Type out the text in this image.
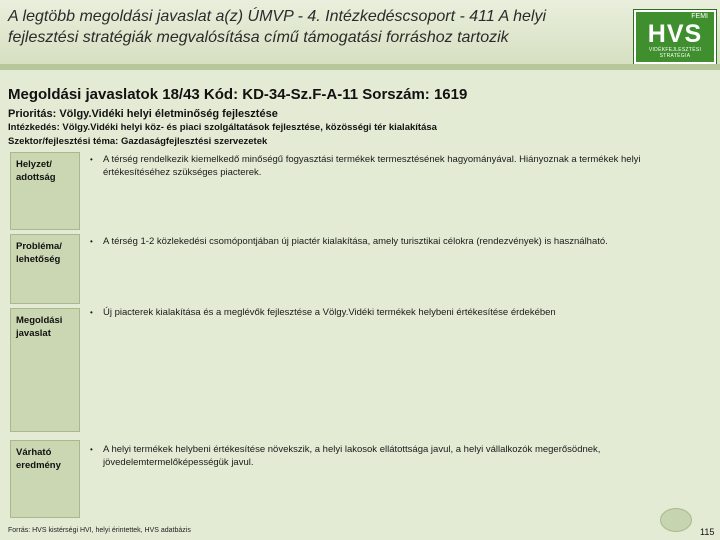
A legtöbb megoldási javaslat a(z) ÚMVP - 4. Intézkedéscsoport - 411 A helyi fejlesztési stratégiák megvalósítása című támogatási forráshoz tartozik
FEMI
HVS
VIDÉKFEJLESZTÉSI STRATÉGIA
Megoldási javaslatok 18/43 Kód: KD-34-Sz.F-A-11 Sorszám: 1619
Prioritás: Völgy.Vidéki helyi életminőség fejlesztése
Intézkedés: Völgy.Vidéki helyi köz- és piaci szolgáltatások fejlesztése, közösségi tér kialakítása
Szektor/fejlesztési téma: Gazdaságfejlesztési szervezetek
Helyzet/ adottság
•	A térség rendelkezik kiemelkedő minőségű fogyasztási termékek termesztésének hagyományával. Hiányoznak a termékek helyi értékesítéséhez szükséges piacterek.
Probléma/ lehetőség
•	A térség 1-2 közlekedési csomópontjában új piactér kialakítása, amely turisztikai célokra (rendezvények) is használható.
Megoldási javaslat
•	Új piacterek kialakítása és a meglévők fejlesztése a Völgy.Vidéki termékek helybeni értékesítése érdekében
Várható eredmény
•	A helyi termékek helybeni értékesítése növekszik, a helyi lakosok ellátottsága javul, a helyi vállalkozók megerősödnek, jövedelemtermelőképességük javul.
Forrás: HVS kistérségi HVI, helyi érintettek, HVS adatbázis	115
